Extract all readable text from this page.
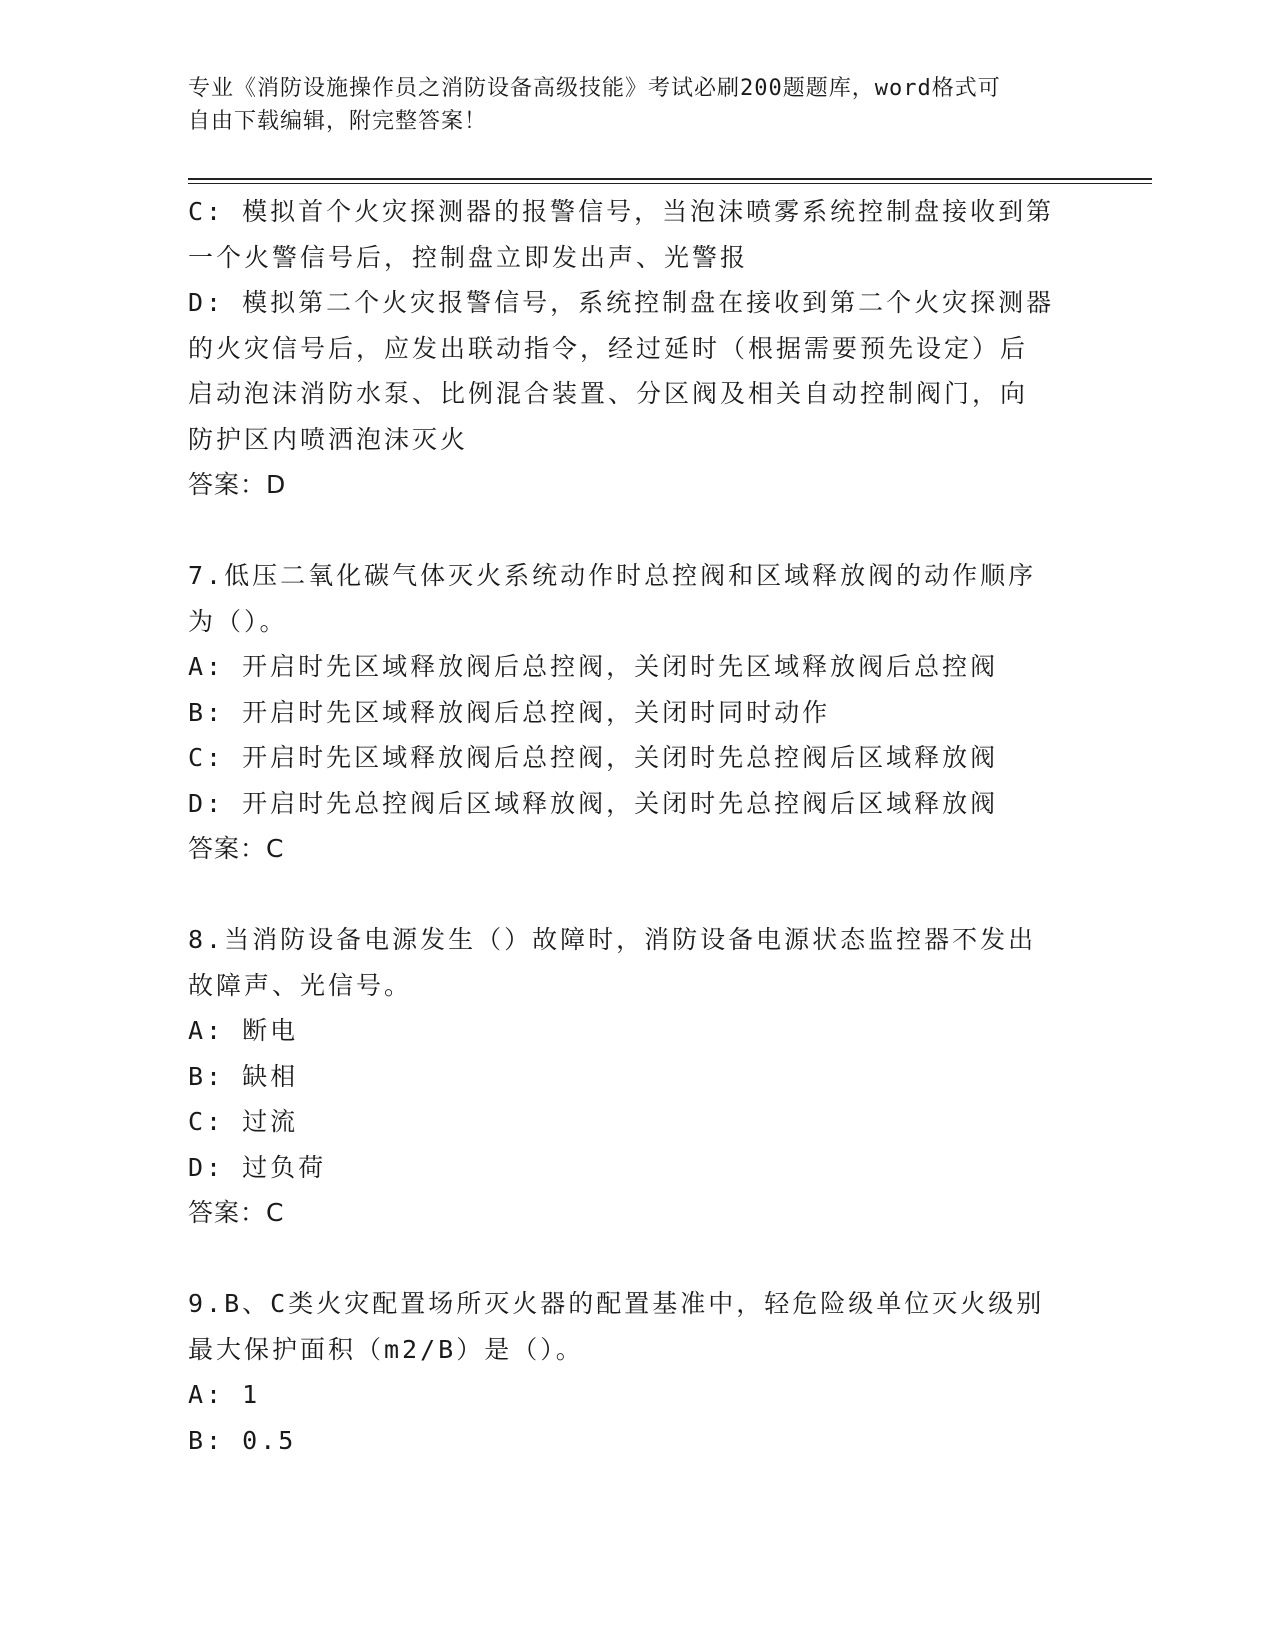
专业《消防设施操作员之消防设备高级技能》考试必刷200题题库，word格式可
自由下载编辑，附完整答案！
C: 模拟首个火灾探测器的报警信号，当泡沫喷雾系统控制盘接收到第
一个火警信号后，控制盘立即发出声、光警报
D: 模拟第二个火灾报警信号，系统控制盘在接收到第二个火灾探测器
的火灾信号后，应发出联动指令，经过延时（根据需要预先设定）后
启动泡沫消防水泵、比例混合装置、分区阀及相关自动控制阀门，向
防护区内喷洒泡沫灭火
答案：D
7.低压二氧化碳气体灭火系统动作时总控阀和区域释放阀的动作顺序
为（）。
A: 开启时先区域释放阀后总控阀，关闭时先区域释放阀后总控阀
B: 开启时先区域释放阀后总控阀，关闭时同时动作
C: 开启时先区域释放阀后总控阀，关闭时先总控阀后区域释放阀
D: 开启时先总控阀后区域释放阀，关闭时先总控阀后区域释放阀
答案：C
8.当消防设备电源发生（）故障时，消防设备电源状态监控器不发出
故障声、光信号。
A: 断电
B: 缺相
C: 过流
D: 过负荷
答案：C
9.B、C类火灾配置场所灭火器的配置基准中，轻危险级单位灭火级别
最大保护面积（m2/B）是（）。
A: 1
B: 0.5
